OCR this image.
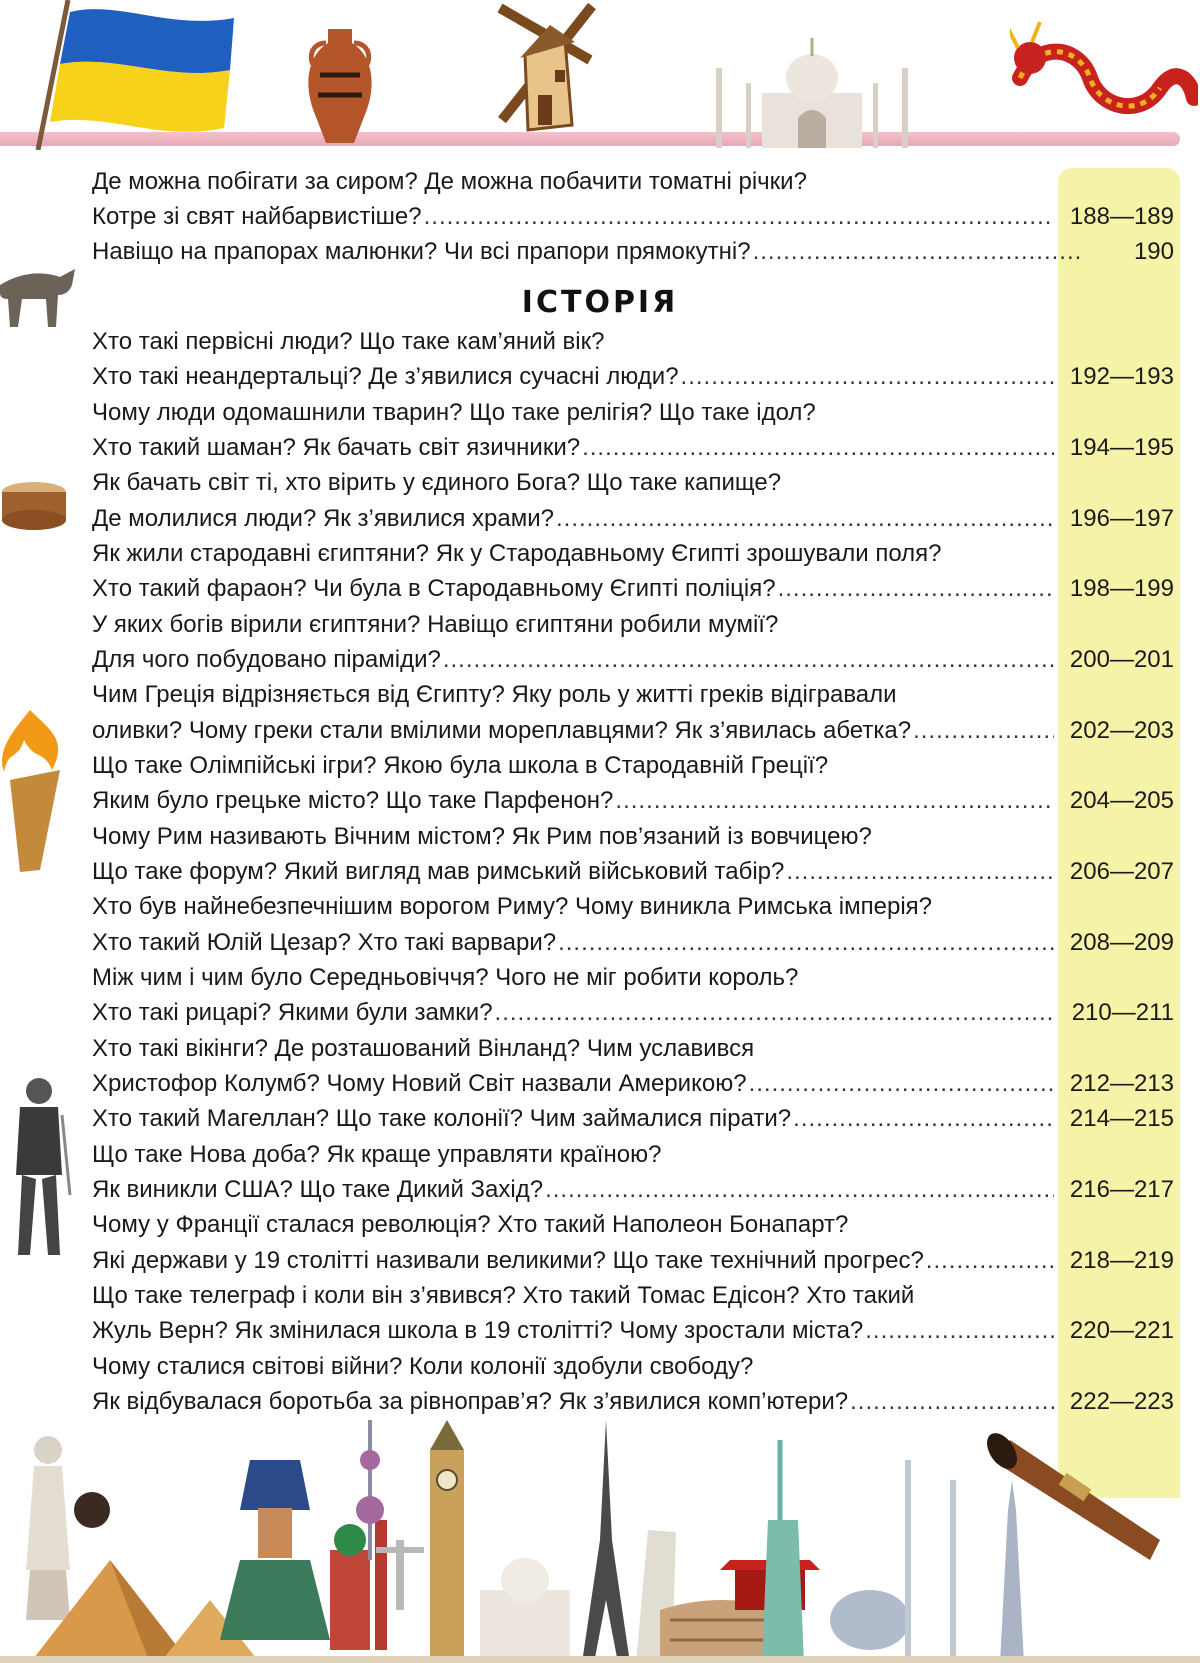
Де можна побігати за сиром? Де можна побачити томатні річки?
Котре зі свят найбарвистіше? .....	188—189
Навіщо на прапорах малюнки? Чи всі прапори прямокутні? .....	190
ІСТОРІЯ
Хто такі первісні люди? Що таке кам’яний вік?
Хто такі неандертальці? Де з’явилися сучасні люди? .....	192—193
Чому люди одомашнили тварин? Що таке релігія? Що таке ідол?
Хто такий шаман? Як бачать світ язичники? .....	194—195
Як бачать світ ті, хто вірить у єдиного Бога? Що таке капище?
Де молилися люди? Як з’явилися храми? .....	196—197
Як жили стародавні єгиптяни? Як у Стародавньому Єгипті зрошували поля?
Хто такий фараон? Чи була в Стародавньому Єгипті поліція? .....	198—199
У яких богів вірили єгиптяни? Навіщо єгиптяни робили мумії?
Для чого побудовано піраміди? .....	200—201
Чим Греція відрізняється від Єгипту? Яку роль у житті греків відігравали
оливки? Чому греки стали вмілими мореплавцями? Як з’явилась абетка? .....	202—203
Що таке Олімпійські ігри? Якою була школа в Стародавній Греції?
Яким було грецьке місто? Що таке Парфенон? .....	204—205
Чому Рим називають Вічним містом? Як Рим пов’язаний із вовчицею?
Що таке форум? Який вигляд мав римський військовий табір? .....	206—207
Хто був найнебезпечнішим ворогом Риму? Чому виникла Римська імперія?
Хто такий Юлій Цезар? Хто такі варвари? .....	208—209
Між чим і чим було Середньовіччя? Чого не міг робити король?
Хто такі рицарі? Якими були замки? .....	210—211
Хто такі вікінги? Де розташований Вінланд? Чим уславився
Христофор Колумб? Чому Новий Світ назвали Америкою? .....	212—213
Хто такий Магеллан? Що таке колонії? Чим займалися пірати? .....	214—215
Що таке Нова доба? Як краще управляти країною?
Як виникли США? Що таке Дикий Захід? .....	216—217
Чому у Франції сталася революція? Хто такий Наполеон Бонапарт?
Які держави у 19 столітті називали великими? Що таке технічний прогрес? .....	218—219
Що таке телеграф і коли він з’явився? Хто такий Томас Едісон? Хто такий
Жуль Верн? Як змінилася школа в 19 столітті? Чому зростали міста? .....	220—221
Чому сталися світові війни? Коли колонії здобули свободу?
Як відбувалася боротьба за рівноправ’я? Як з’явилися комп’ютери? .....	222—223
